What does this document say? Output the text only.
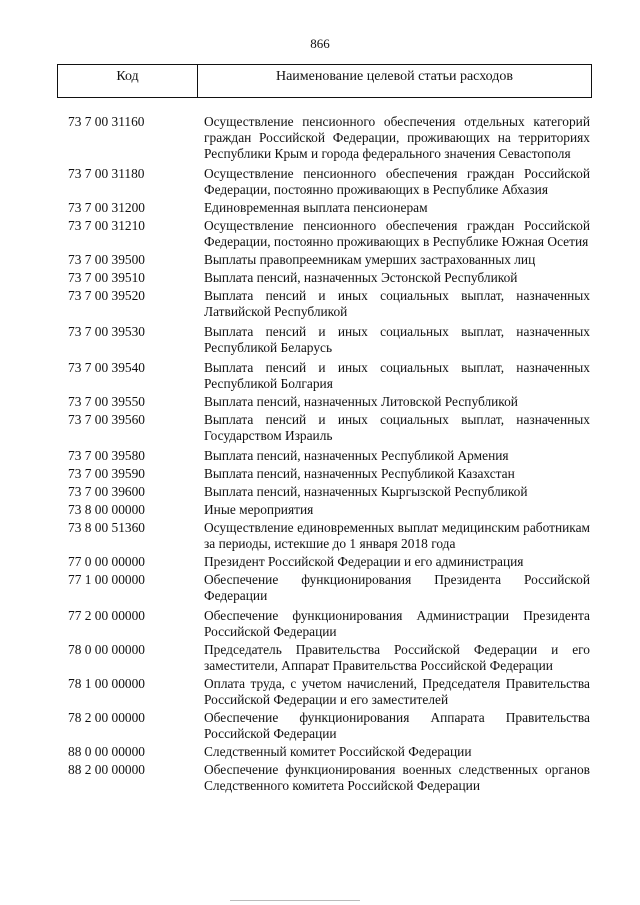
866
Код	Наименование целевой статьи расходов
73 7 00 31160	Осуществление пенсионного обеспечения отдельных категорий граждан Российской Федерации, проживающих на территориях Республики Крым и города федерального значения Севастополя
73 7 00 31180	Осуществление пенсионного обеспечения граждан Российской Федерации, постоянно проживающих в Республике Абхазия
73 7 00 31200	Единовременная выплата пенсионерам
73 7 00 31210	Осуществление пенсионного обеспечения граждан Российской Федерации, постоянно проживающих в Республике Южная Осетия
73 7 00 39500	Выплаты правопреемникам умерших застрахованных лиц
73 7 00 39510	Выплата пенсий, назначенных Эстонской Республикой
73 7 00 39520	Выплата пенсий и иных социальных выплат, назначенных Латвийской Республикой
73 7 00 39530	Выплата пенсий и иных социальных выплат, назначенных Республикой Беларусь
73 7 00 39540	Выплата пенсий и иных социальных выплат, назначенных Республикой Болгария
73 7 00 39550	Выплата пенсий, назначенных Литовской Республикой
73 7 00 39560	Выплата пенсий и иных социальных выплат, назначенных Государством Израиль
73 7 00 39580	Выплата пенсий, назначенных Республикой Армения
73 7 00 39590	Выплата пенсий, назначенных Республикой Казахстан
73 7 00 39600	Выплата пенсий, назначенных Кыргызской Республикой
73 8 00 00000	Иные мероприятия
73 8 00 51360	Осуществление единовременных выплат медицинским работникам за периоды, истекшие до 1 января 2018 года
77 0 00 00000	Президент Российской Федерации и его администрация
77 1 00 00000	Обеспечение функционирования Президента Российской Федерации
77 2 00 00000	Обеспечение функционирования Администрации Президента Российской Федерации
78 0 00 00000	Председатель Правительства Российской Федерации и его заместители, Аппарат Правительства Российской Федерации
78 1 00 00000	Оплата труда, с учетом начислений, Председателя Правительства Российской Федерации и его заместителей
78 2 00 00000	Обеспечение функционирования Аппарата Правительства Российской Федерации
88 0 00 00000	Следственный комитет Российской Федерации
88 2 00 00000	Обеспечение функционирования военных следственных органов Следственного комитета Российской Федерации
